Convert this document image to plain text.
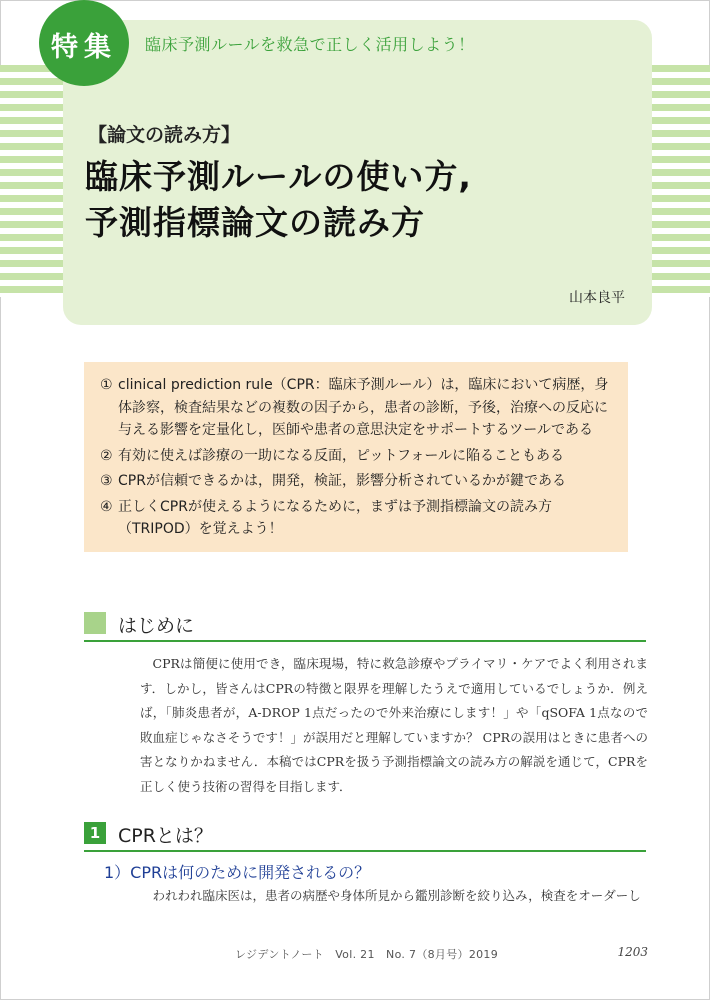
特集 臨床予測ルールを救急で正しく活用しよう！
【論文の読み方】
臨床予測ルールの使い方,
予測指標論文の読み方
山本良平
① clinical prediction rule（CPR：臨床予測ルール）は，臨床において病歴，身体診察，検査結果などの複数の因子から，患者の診断，予後，治療への反応に与える影響を定量化し，医師や患者の意思決定をサポートするツールである
② 有効に使えば診療の一助になる反面，ピットフォールに陥ることもある
③ CPRが信頼できるかは，開発，検証，影響分析されているかが鍵である
④ 正しくCPRが使えるようになるために，まずは予測指標論文の読み方（TRIPOD）を覚えよう！
はじめに
CPRは簡便に使用でき，臨床現場，特に救急診療やプライマリ・ケアでよく利用されます．しかし，皆さんはCPRの特徴と限界を理解したうえで適用しているでしょうか．例えば，「肺炎患者が，A-DROP 1点だったので外来治療にします！」や「qSOFA 1点なので敗血症じゃなさそうです！」が誤用だと理解していますか？ CPRの誤用はときに患者への害となりかねません．本稿ではCPRを扱う予測指標論文の読み方の解説を通じて，CPRを正しく使う技術の習得を目指します．
1 CPRとは？
1）CPRは何のために開発されるの？
われわれ臨床医は，患者の病歴や身体所見から鑑別診断を絞り込み，検査をオーダーし
レジデントノート　Vol. 21　No. 7（8月号）2019	1203
